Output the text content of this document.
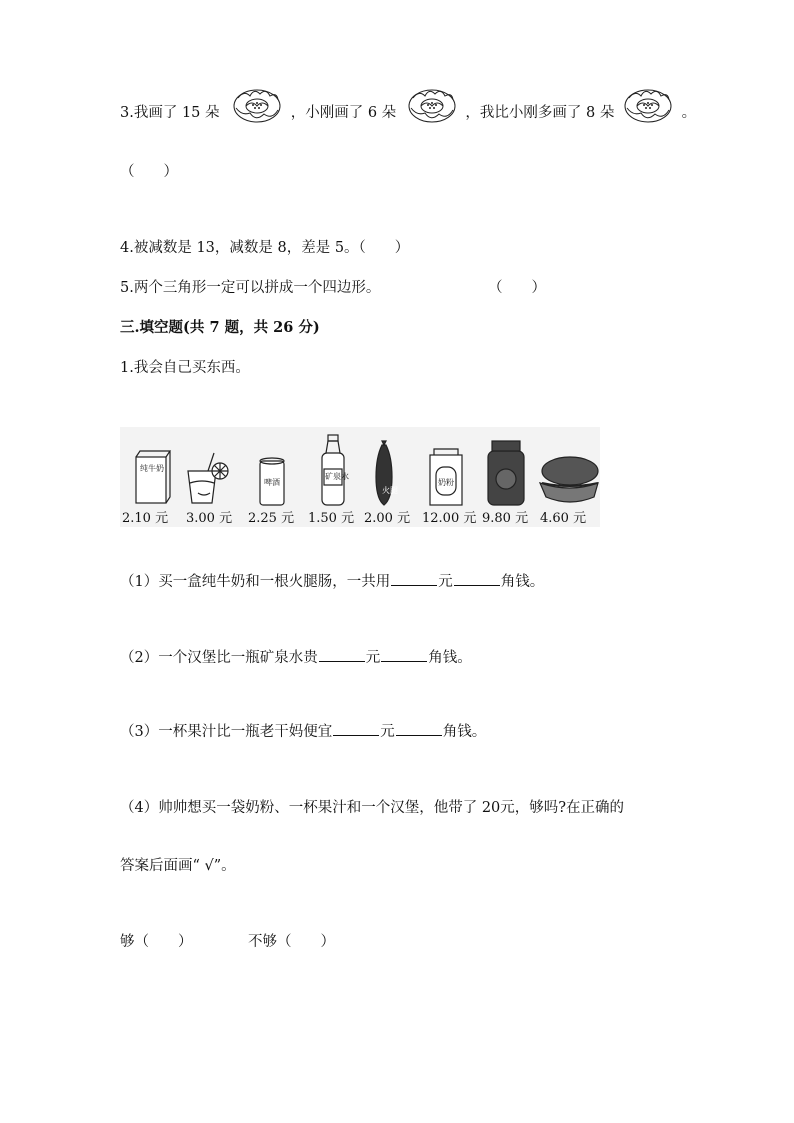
3.我画了 15 朵	，小刚画了 6 朵	，我比小刚多画了 8 朵	。
（　　）
4.被减数是 13，减数是 8，差是 5。（　　）
5.两个三角形一定可以拼成一个四边形。	（　　）
三.填空题(共 7 题，共 26 分)
1.我会自己买东西。
纯牛奶
啤酒
矿泉水
火腿
奶粉
2.10 元 3.00 元 2.25 元 1.50 元 2.00 元 12.00 元 9.80 元 4.60 元
（1）买一盒纯牛奶和一根火腿肠，一共用	元	角钱。
（2）一个汉堡比一瓶矿泉水贵	元	角钱。
（3）一杯果汁比一瓶老干妈便宜	元	角钱。
（4）帅帅想买一袋奶粉、一杯果汁和一个汉堡，他带了 20元，够吗?在正确的
答案后面画“ √”。
够（　　）	不够（　　）
